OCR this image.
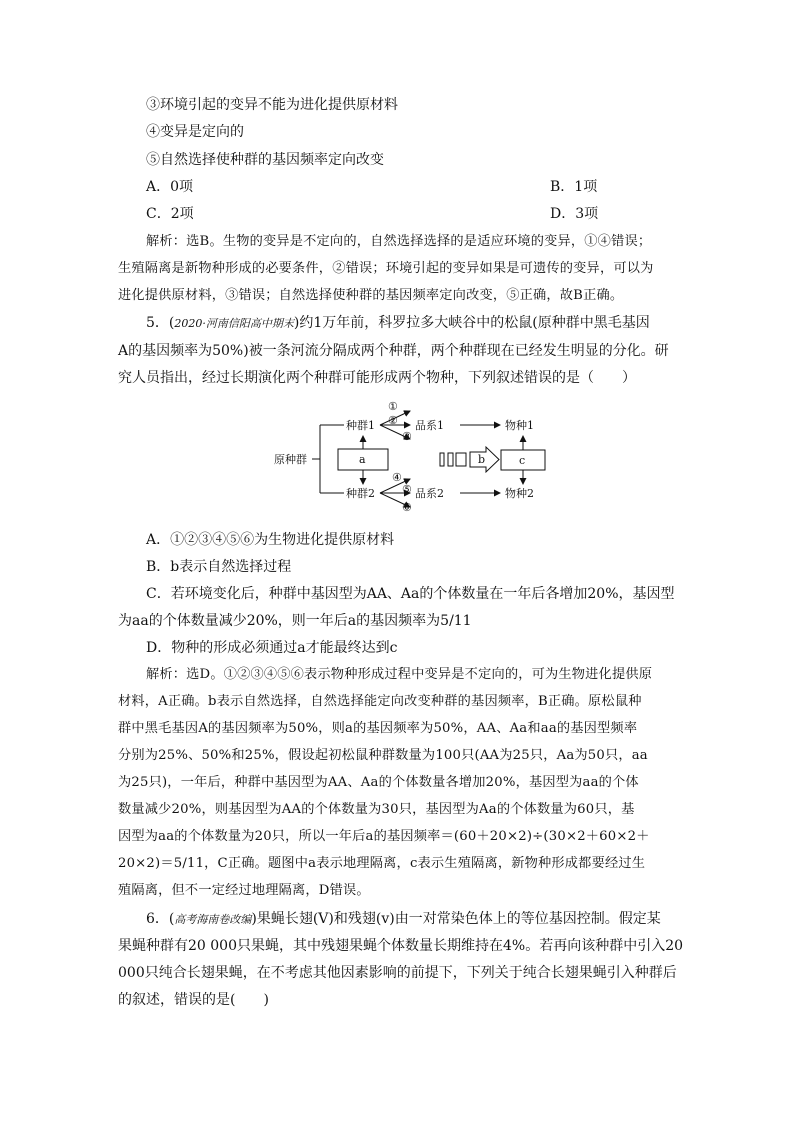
③环境引起的变异不能为进化提供原材料
④变异是定向的
⑤自然选择使种群的基因频率定向改变
A．0项	B．1项
C．2项	D．3项
解析：选B。生物的变异是不定向的，自然选择选择的是适应环境的变异，①④错误；
生殖隔离是新物种形成的必要条件，②错误；环境引起的变异如果是可遗传的变异，可以为
进化提供原材料，③错误；自然选择使种群的基因频率定向改变，⑤正确，故B正确。
5．(2020·河南信阳高中期末)约1万年前，科罗拉多大峡谷中的松鼠(原种群中黑毛基因
A的基因频率为50%)被一条河流分隔成两个种群，两个种群现在已经发生明显的分化。研
究人员指出，经过长期演化两个种群可能形成两个物种，下列叙述错误的是（　　）
原种群
种群1
种群2
a	b	c
品系1
品系2
物种1
物种2
①
②
③
④
⑤
⑥
A．①②③④⑤⑥为生物进化提供原材料
B．b表示自然选择过程
C．若环境变化后，种群中基因型为AA、Aa的个体数量在一年后各增加20%，基因型
为aa的个体数量减少20%，则一年后a的基因频率为5/11
D．物种的形成必须通过a才能最终达到c
解析：选D。①②③④⑤⑥表示物种形成过程中变异是不定向的，可为生物进化提供原
材料，A正确。b表示自然选择，自然选择能定向改变种群的基因频率，B正确。原松鼠种
群中黑毛基因A的基因频率为50%，则a的基因频率为50%，AA、Aa和aa的基因型频率
分别为25%、50%和25%，假设起初松鼠种群数量为100只(AA为25只，Aa为50只，aa
为25只)，一年后，种群中基因型为AA、Aa的个体数量各增加20%，基因型为aa的个体
数量减少20%，则基因型为AA的个体数量为30只，基因型为Aa的个体数量为60只，基
因型为aa的个体数量为20只，所以一年后a的基因频率＝(60＋20×2)÷(30×2＋60×2＋
20×2)＝5/11，C正确。题图中a表示地理隔离，c表示生殖隔离，新物种形成都要经过生
殖隔离，但不一定经过地理隔离，D错误。
6．(高考海南卷改编)果蝇长翅(V)和残翅(v)由一对常染色体上的等位基因控制。假定某
果蝇种群有20 000只果蝇，其中残翅果蝇个体数量长期维持在4%。若再向该种群中引入20
000只纯合长翅果蝇，在不考虑其他因素影响的前提下，下列关于纯合长翅果蝇引入种群后
的叙述，错误的是(　　)
